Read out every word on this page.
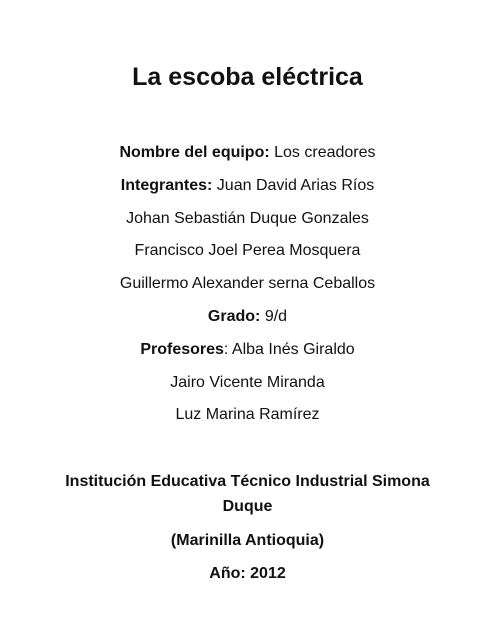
La escoba eléctrica
Nombre del equipo: Los creadores
Integrantes: Juan David Arias Ríos
Johan Sebastián Duque Gonzales
Francisco Joel Perea Mosquera
Guillermo Alexander serna Ceballos
Grado: 9/d
Profesores: Alba Inés Giraldo
Jairo Vicente Miranda
Luz Marina Ramírez
Institución Educativa Técnico Industrial Simona
Duque
(Marinilla Antioquia)
Año: 2012
